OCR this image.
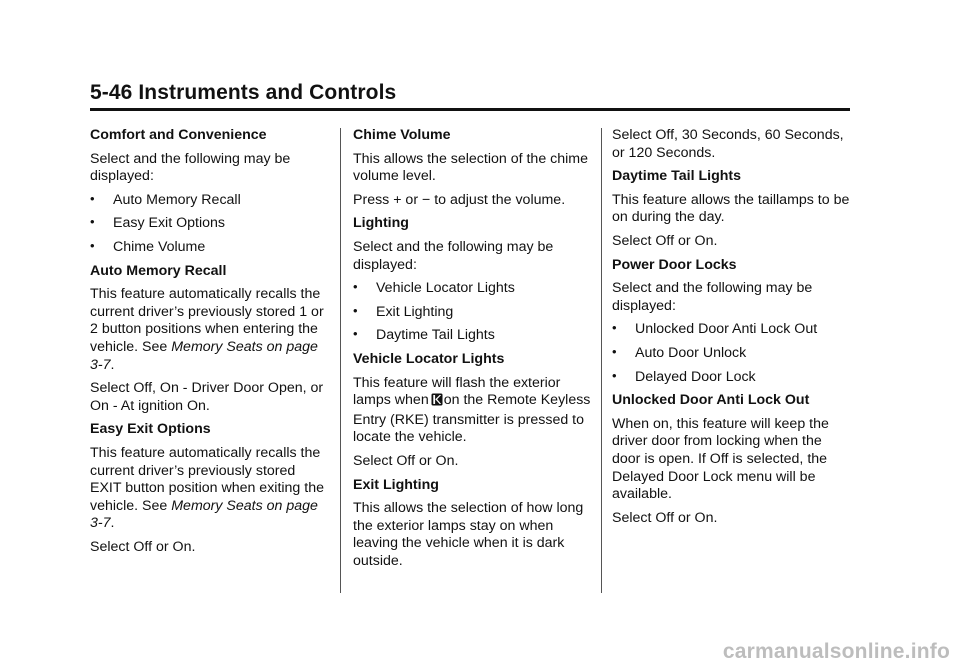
5-46 Instruments and Controls
Comfort and Convenience
Select and the following may be displayed:
• Auto Memory Recall
• Easy Exit Options
• Chime Volume
Auto Memory Recall
This feature automatically recalls the current driver’s previously stored 1 or 2 button positions when entering the vehicle. See Memory Seats on page 3-7.
Select Off, On - Driver Door Open, or On - At ignition On.
Easy Exit Options
This feature automatically recalls the current driver’s previously stored EXIT button position when exiting the vehicle. See Memory Seats on page 3-7.
Select Off or On.
Chime Volume
This allows the selection of the chime volume level.
Press + or − to adjust the volume.
Lighting
Select and the following may be displayed:
• Vehicle Locator Lights
• Exit Lighting
• Daytime Tail Lights
Vehicle Locator Lights
This feature will flash the exterior lamps when on the Remote Keyless Entry (RKE) transmitter is pressed to locate the vehicle.
Select Off or On.
Exit Lighting
This allows the selection of how long the exterior lamps stay on when leaving the vehicle when it is dark outside.
Select Off, 30 Seconds, 60 Seconds, or 120 Seconds.
Daytime Tail Lights
This feature allows the taillamps to be on during the day.
Select Off or On.
Power Door Locks
Select and the following may be displayed:
• Unlocked Door Anti Lock Out
• Auto Door Unlock
• Delayed Door Lock
Unlocked Door Anti Lock Out
When on, this feature will keep the driver door from locking when the door is open. If Off is selected, the Delayed Door Lock menu will be available.
Select Off or On.
carmanualsonline.info
